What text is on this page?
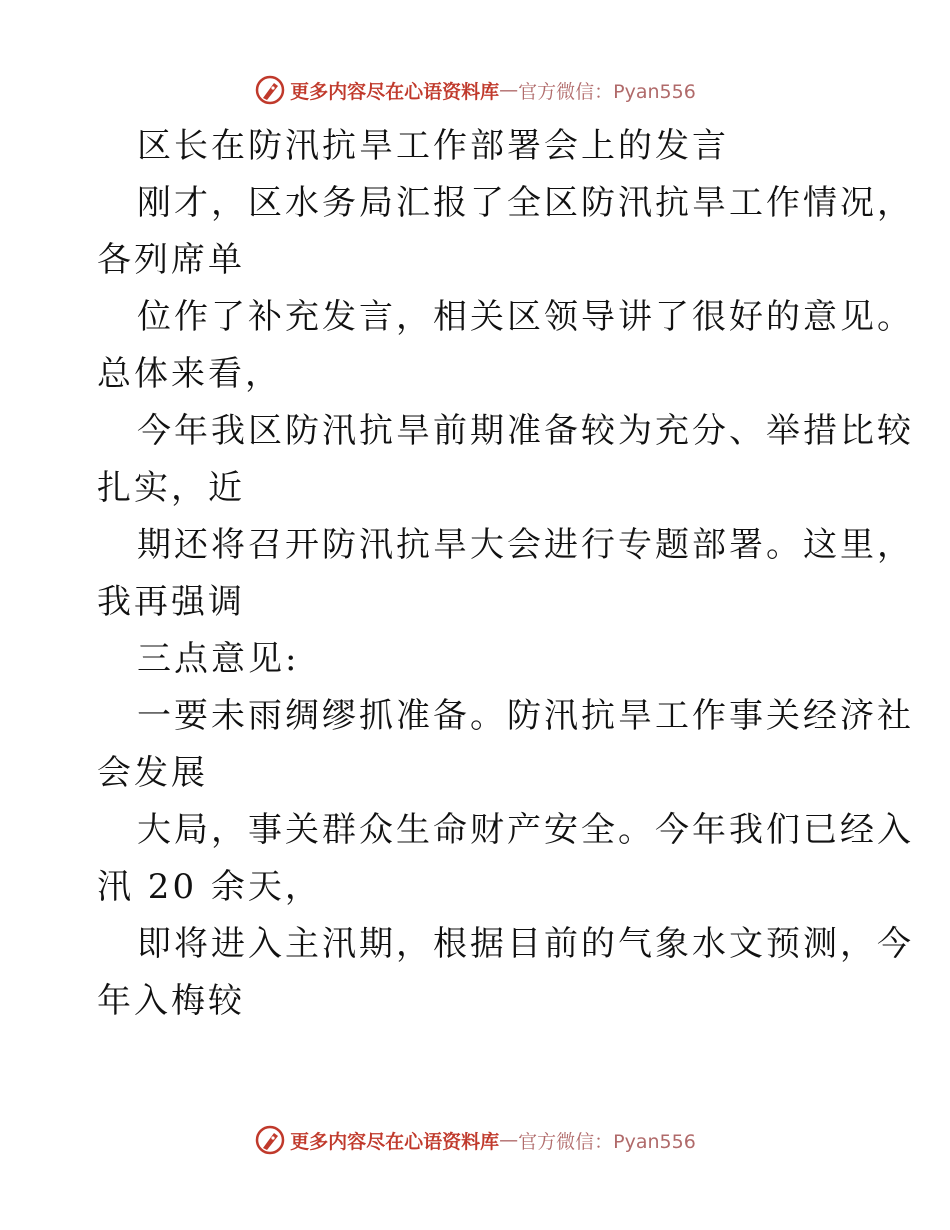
更多内容尽在心语资料库 — 官方微信：Pyan556
区长在防汛抗旱工作部署会上的发言
刚才，区水务局汇报了全区防汛抗旱工作情况，
各列席单
位作了补充发言，相关区领导讲了很好的意见。
总体来看，
今年我区防汛抗旱前期准备较为充分、举措比较
扎实，近
期还将召开防汛抗旱大会进行专题部署。这里，
我再强调
三点意见:
一要未雨绸缪抓准备。防汛抗旱工作事关经济社
会发展
大局，事关群众生命财产安全。今年我们已经入
汛 20 余天，
即将进入主汛期，根据目前的气象水文预测，今
年入梅较
更多内容尽在心语资料库 — 官方微信：Pyan556
